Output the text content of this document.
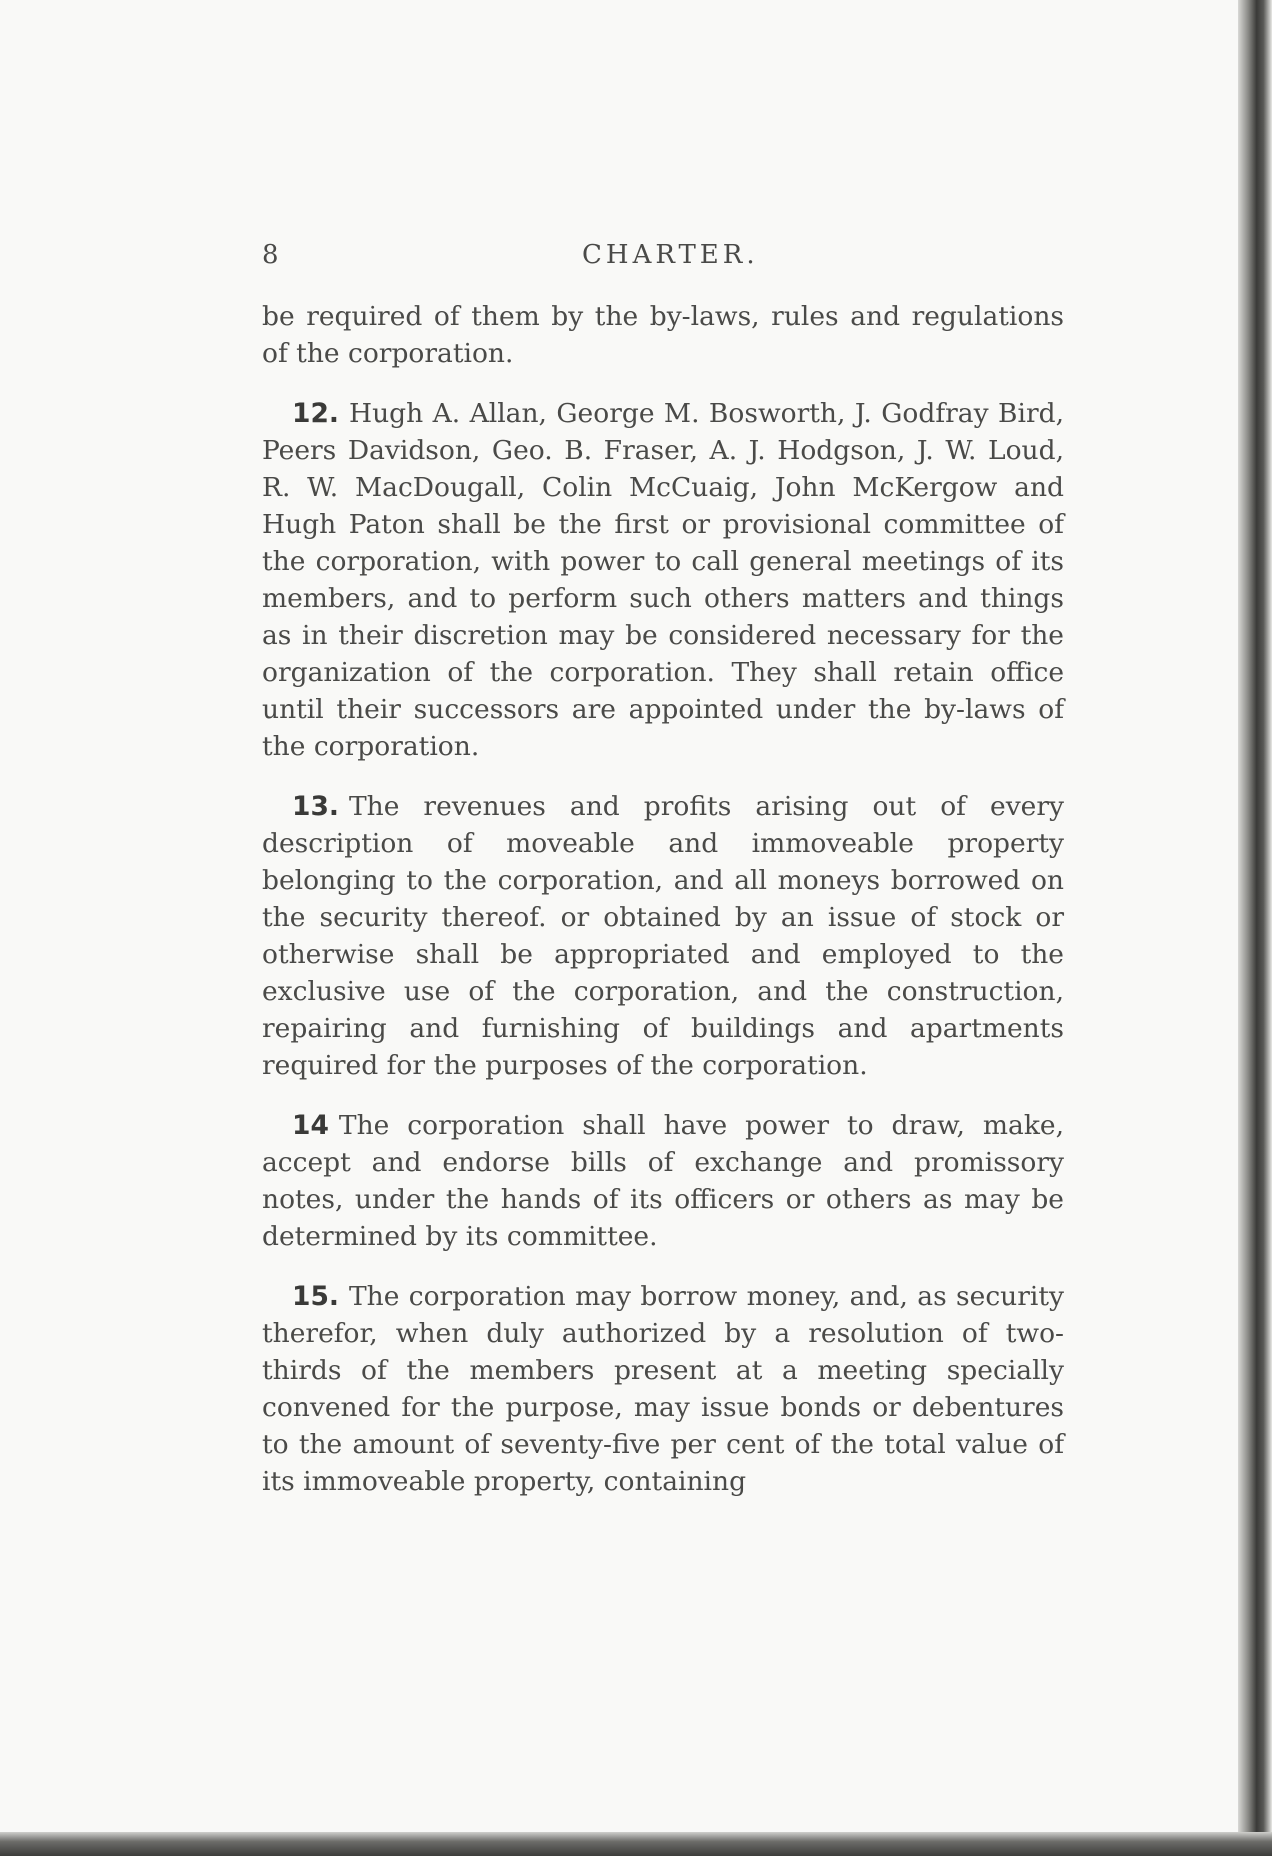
8	CHARTER.

be required of them by the by-laws, rules and regulations of the corporation.

12. Hugh A. Allan, George M. Bosworth, J. Godfray Bird, Peers Davidson, Geo. B. Fraser, A. J. Hodgson, J. W. Loud, R. W. MacDougall, Colin McCuaig, John McKergow and Hugh Paton shall be the first or provisional committee of the corporation, with power to call general meetings of its members, and to perform such others matters and things as in their discretion may be considered necessary for the organization of the corporation. They shall retain office until their successors are appointed under the by-laws of the corporation.

13. The revenues and profits arising out of every description of moveable and immoveable property belonging to the corporation, and all moneys borrowed on the security thereof. or obtained by an issue of stock or otherwise shall be appropriated and employed to the exclusive use of the corporation, and the construction, repairing and furnishing of buildings and apartments required for the purposes of the corporation.

14 The corporation shall have power to draw, make, accept and endorse bills of exchange and promissory notes, under the hands of its officers or others as may be determined by its committee.

15. The corporation may borrow money, and, as security therefor, when duly authorized by a resolution of two-thirds of the members present at a meeting specially convened for the purpose, may issue bonds or debentures to the amount of seventy-five per cent of the total value of its immoveable property, containing
